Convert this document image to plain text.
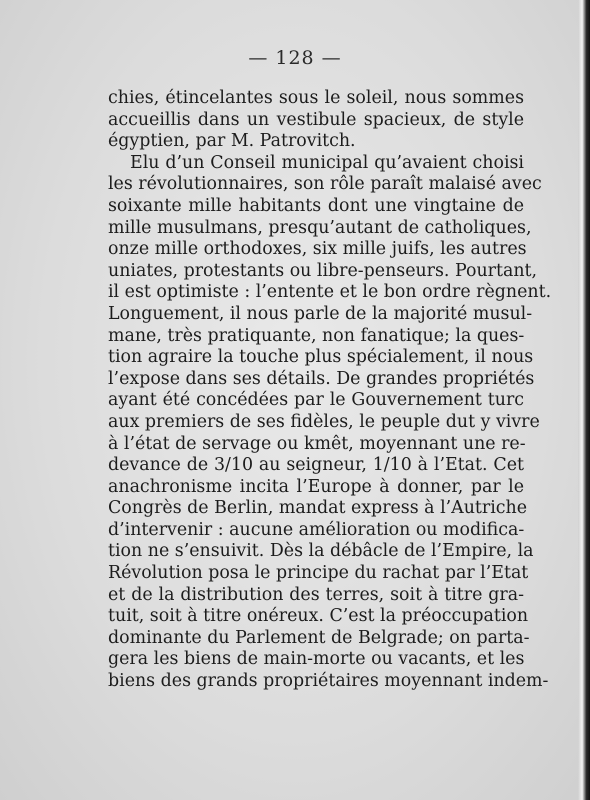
— 128 —
chies, étincelantes sous le soleil, nous sommes
accueillis dans un vestibule spacieux, de style
égyptien, par M. Patrovitch.
Elu d’un Conseil municipal qu’avaient choisi
les révolutionnaires, son rôle paraît malaisé avec
soixante mille habitants dont une vingtaine de
mille musulmans, presqu’autant de catholiques,
onze mille orthodoxes, six mille juifs, les autres
uniates, protestants ou libre-penseurs. Pourtant,
il est optimiste : l’entente et le bon ordre règnent.
Longuement, il nous parle de la majorité musul-
mane, très pratiquante, non fanatique; la ques-
tion agraire la touche plus spécialement, il nous
l’expose dans ses détails. De grandes propriétés
ayant été concédées par le Gouvernement turc
aux premiers de ses fidèles, le peuple dut y vivre
à l’état de servage ou kmêt, moyennant une re-
devance de 3/10 au seigneur, 1/10 à l’Etat. Cet
anachronisme incita l’Europe à donner, par le
Congrès de Berlin, mandat express à l’Autriche
d’intervenir : aucune amélioration ou modifica-
tion ne s’ensuivit. Dès la débâcle de l’Empire, la
Révolution posa le principe du rachat par l’Etat
et de la distribution des terres, soit à titre gra-
tuit, soit à titre onéreux. C’est la préoccupation
dominante du Parlement de Belgrade; on parta-
gera les biens de main-morte ou vacants, et les
biens des grands propriétaires moyennant indem-
